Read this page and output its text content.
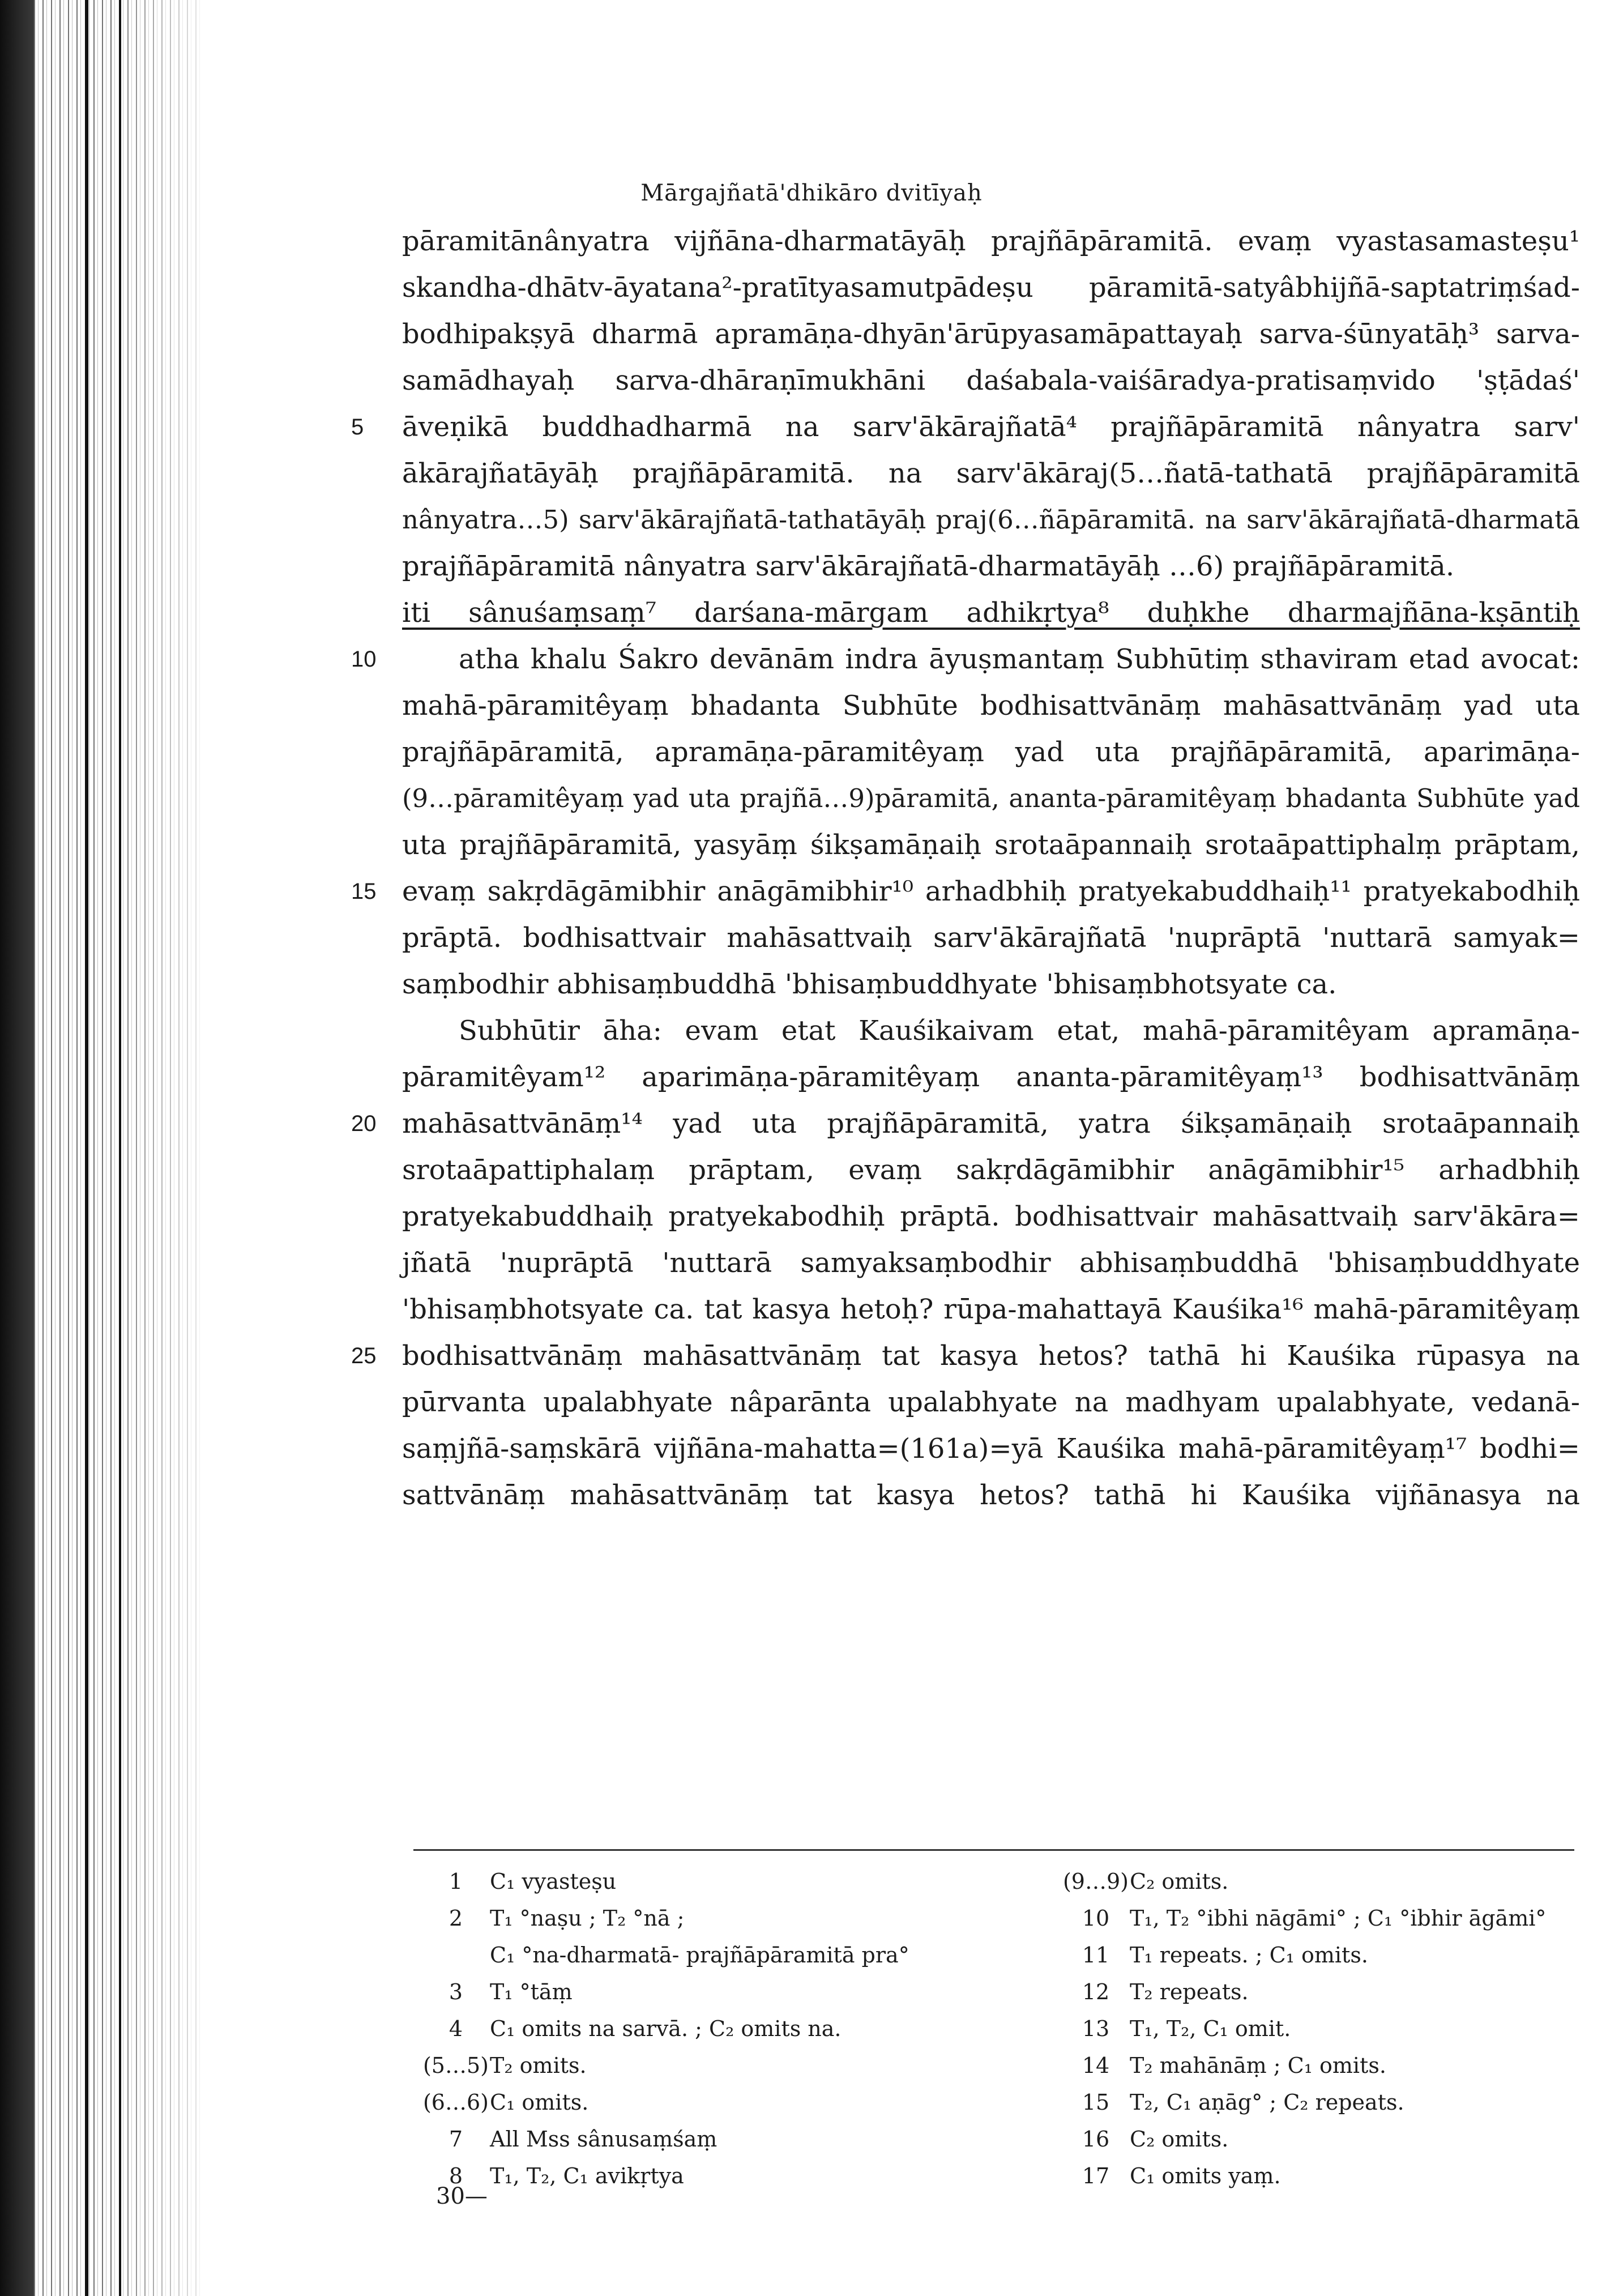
Mārgajñatā'dhikāro dvitīyaḥ
pāramitānânyatra vijñāna-dharmatāyāḥ prajñāpāramitā. evaṃ vyastasamasteṣu¹
skandha-dhātv-āyatana²-pratītyasamutpādeṣu pāramitā-satyâbhijñā-saptatriṃśad-
bodhipakṣyā dharmā apramāṇa-dhyān'ārūpyasamāpattayaḥ sarva-śūnyatāḥ³ sarva-
samādhayaḥ sarva-dhāraṇīmukhāni daśabala-vaiśāradya-pratisaṃvido 'ṣṭādaś'
5 āveṇikā buddhadharmā na sarv'ākārajñatā⁴ prajñāpāramitā nânyatra sarv'
ākārajñatāyāḥ prajñāpāramitā. na sarv'ākāraj(5…ñatā-tathatā prajñāpāramitā
nânyatra…5) sarv'ākārajñatā-tathatāyāḥ praj(6…ñāpāramitā. na sarv'ākārajñatā-dharmatā
prajñāpāramitā nânyatra sarv'ākārajñatā-dharmatāyāḥ …6) prajñāpāramitā.
iti sânuśaṃsaṃ⁷ darśana-mārgam adhikṛtya⁸ duḥkhe dharmajñāna-kṣāntiḥ
10	atha khalu Śakro devānām indra āyuṣmantaṃ Subhūtiṃ sthaviram etad avocat:
mahā-pāramitêyaṃ bhadanta Subhūte bodhisattvānāṃ mahāsattvānāṃ yad uta
prajñāpāramitā, apramāṇa-pāramitêyaṃ yad uta prajñāpāramitā, aparimāṇa-
(9…pāramitêyaṃ yad uta prajñā…9)pāramitā, ananta-pāramitêyaṃ bhadanta Subhūte yad
uta prajñāpāramitā, yasyāṃ śikṣamāṇaiḥ srotaāpannaiḥ srotaāpattiphalṃ prāptam,
15 evaṃ sakṛdāgāmibhir anāgāmibhir¹⁰ arhadbhiḥ pratyekabuddhaiḥ¹¹ pratyekabodhiḥ
prāptā. bodhisattvair mahāsattvaiḥ sarv'ākārajñatā 'nuprāptā 'nuttarā samyak=
saṃbodhir abhisaṃbuddhā 'bhisaṃbuddhyate 'bhisaṃbhotsyate ca.
Subhūtir āha: evam etat Kauśikaivam etat, mahā-pāramitêyam apramāṇa-
pāramitêyam¹² aparimāṇa-pāramitêyaṃ ananta-pāramitêyaṃ¹³ bodhisattvānāṃ
20 mahāsattvānāṃ¹⁴ yad uta prajñāpāramitā, yatra śikṣamāṇaiḥ srotaāpannaiḥ
srotaāpattiphalaṃ prāptam, evaṃ sakṛdāgāmibhir anāgāmibhir¹⁵ arhadbhiḥ
pratyekabuddhaiḥ pratyekabodhiḥ prāptā. bodhisattvair mahāsattvaiḥ sarv'ākāra=
jñatā 'nuprāptā 'nuttarā samyaksaṃbodhir abhisaṃbuddhā 'bhisaṃbuddhyate
'bhisaṃbhotsyate ca. tat kasya hetoḥ? rūpa-mahattayā Kauśika¹⁶ mahā-pāramitêyaṃ
25 bodhisattvānāṃ mahāsattvānāṃ tat kasya hetos? tathā hi Kauśika rūpasya na
pūrvanta upalabhyate nâparānta upalabhyate na madhyam upalabhyate, vedanā-
saṃjñā-saṃskārā vijñāna-mahatta=(161a)=yā Kauśika mahā-pāramitêyaṃ¹⁷ bodhi=
sattvānāṃ mahāsattvānāṃ tat kasya hetos? tathā hi Kauśika vijñānasya na
1 C₁ vyasteṣu
2 T₁ °naṣu ; T₂ °nā ;
C₁ °na-dharmatā- prajñāpāramitā pra°
3 T₁ °tāṃ
4 C₁ omits na sarvā. ; C₂ omits na.
(5…5)T₂ omits.
(6…6)C₁ omits.
7 All Mss sânusaṃśaṃ
8 T₁, T₂, C₁ avikṛtya
(9…9)C₂ omits.
10 T₁, T₂ °ibhi nāgāmi° ; C₁ °ibhir āgāmi°
11 T₁ repeats. ; C₁ omits.
12 T₂ repeats.
13 T₁, T₂, C₁ omit.
14 T₂ mahānāṃ ; C₁ omits.
15 T₂, C₁ aṇāg° ; C₂ repeats.
16 C₂ omits.
17 C₁ omits yaṃ.
30—
